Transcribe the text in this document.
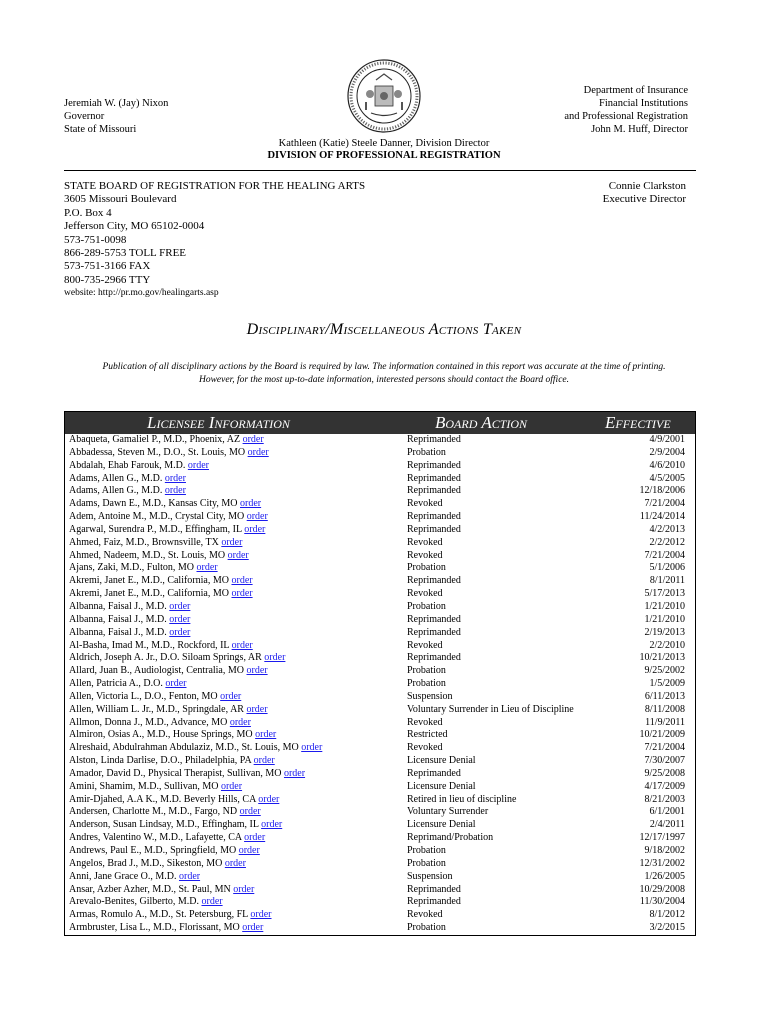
Jeremiah W. (Jay) Nixon
Governor
State of Missouri
Department of Insurance
Financial Institutions
and Professional Registration
John M. Huff, Director
Kathleen (Katie) Steele Danner, Division Director
DIVISION OF PROFESSIONAL REGISTRATION
STATE BOARD OF REGISTRATION FOR THE HEALING ARTS
3605 Missouri Boulevard
P.O. Box 4
Jefferson City, MO 65102-0004
573-751-0098
866-289-5753 TOLL FREE
573-751-3166 FAX
800-735-2966 TTY
website: http://pr.mo.gov/healingarts.asp
Connie Clarkston
Executive Director
Disciplinary/Miscellaneous Actions Taken
Publication of all disciplinary actions by the Board is required by law. The information contained in this report was accurate at the time of printing.
However, for the most up-to-date information, interested persons should contact the Board office.
Licensee Information	Board Action	Effective
Abaqueta, Gamaliel P., M.D., Phoenix, AZ order	Reprimanded	4/9/2001
Abbadessa, Steven M., D.O., St. Louis, MO order	Probation	2/9/2004
Abdalah, Ehab Farouk, M.D. order	Reprimanded	4/6/2010
Adams, Allen G., M.D. order	Reprimanded	4/5/2005
Adams, Allen G., M.D. order	Reprimanded	12/18/2006
Adams, Dawn E., M.D., Kansas City, MO order	Revoked	7/21/2004
Adem, Antoine M., M.D., Crystal City, MO order	Reprimanded	11/24/2014
Agarwal, Surendra P., M.D., Effingham, IL order	Reprimanded	4/2/2013
Ahmed, Faiz, M.D., Brownsville, TX order	Revoked	2/2/2012
Ahmed, Nadeem, M.D., St. Louis, MO order	Revoked	7/21/2004
Ajans, Zaki, M.D., Fulton, MO order	Probation	5/1/2006
Akremi, Janet E., M.D., California, MO order	Reprimanded	8/1/2011
Akremi, Janet E., M.D., California, MO order	Revoked	5/17/2013
Albanna, Faisal J., M.D. order	Probation	1/21/2010
Albanna, Faisal J., M.D. order	Reprimanded	1/21/2010
Albanna, Faisal J., M.D. order	Reprimanded	2/19/2013
Al-Basha, Imad M., M.D., Rockford, IL order	Revoked	2/2/2010
Aldrich, Joseph A. Jr., D.O. Siloam Springs, AR order	Reprimanded	10/21/2013
Allard, Juan B., Audiologist, Centralia, MO order	Probation	9/25/2002
Allen, Patricia A., D.O. order	Probation	1/5/2009
Allen, Victoria L., D.O., Fenton, MO order	Suspension	6/11/2013
Allen, William L. Jr., M.D., Springdale, AR order	Voluntary Surrender in Lieu of Discipline	8/11/2008
Allmon, Donna J., M.D., Advance, MO order	Revoked	11/9/2011
Almiron, Osias A., M.D., House Springs, MO order	Restricted	10/21/2009
Alreshaid, Abdulrahman Abdulaziz, M.D., St. Louis, MO order	Revoked	7/21/2004
Alston, Linda Darlise, D.O., Philadelphia, PA order	Licensure Denial	7/30/2007
Amador, David D., Physical Therapist, Sullivan, MO order	Reprimanded	9/25/2008
Amini, Shamim, M.D., Sullivan, MO order	Licensure Denial	4/17/2009
Amir-Djahed, A.A K., M.D. Beverly Hills, CA order	Retired in lieu of discipline	8/21/2003
Andersen, Charlotte M., M.D., Fargo, ND order	Voluntary Surrender	6/1/2001
Anderson, Susan Lindsay, M.D., Effingham, IL order	Licensure Denial	2/4/2011
Andres, Valentino W., M.D., Lafayette, CA order	Reprimand/Probation	12/17/1997
Andrews, Paul E., M.D., Springfield, MO order	Probation	9/18/2002
Angelos, Brad J., M.D., Sikeston, MO order	Probation	12/31/2002
Anni, Jane Grace O., M.D. order	Suspension	1/26/2005
Ansar, Azber Azher, M.D., St. Paul, MN order	Reprimanded	10/29/2008
Arevalo-Benites, Gilberto, M.D. order	Reprimanded	11/30/2004
Armas, Romulo A., M.D., St. Petersburg, FL order	Revoked	8/1/2012
Armbruster, Lisa L., M.D., Florissant, MO order	Probation	3/2/2015
